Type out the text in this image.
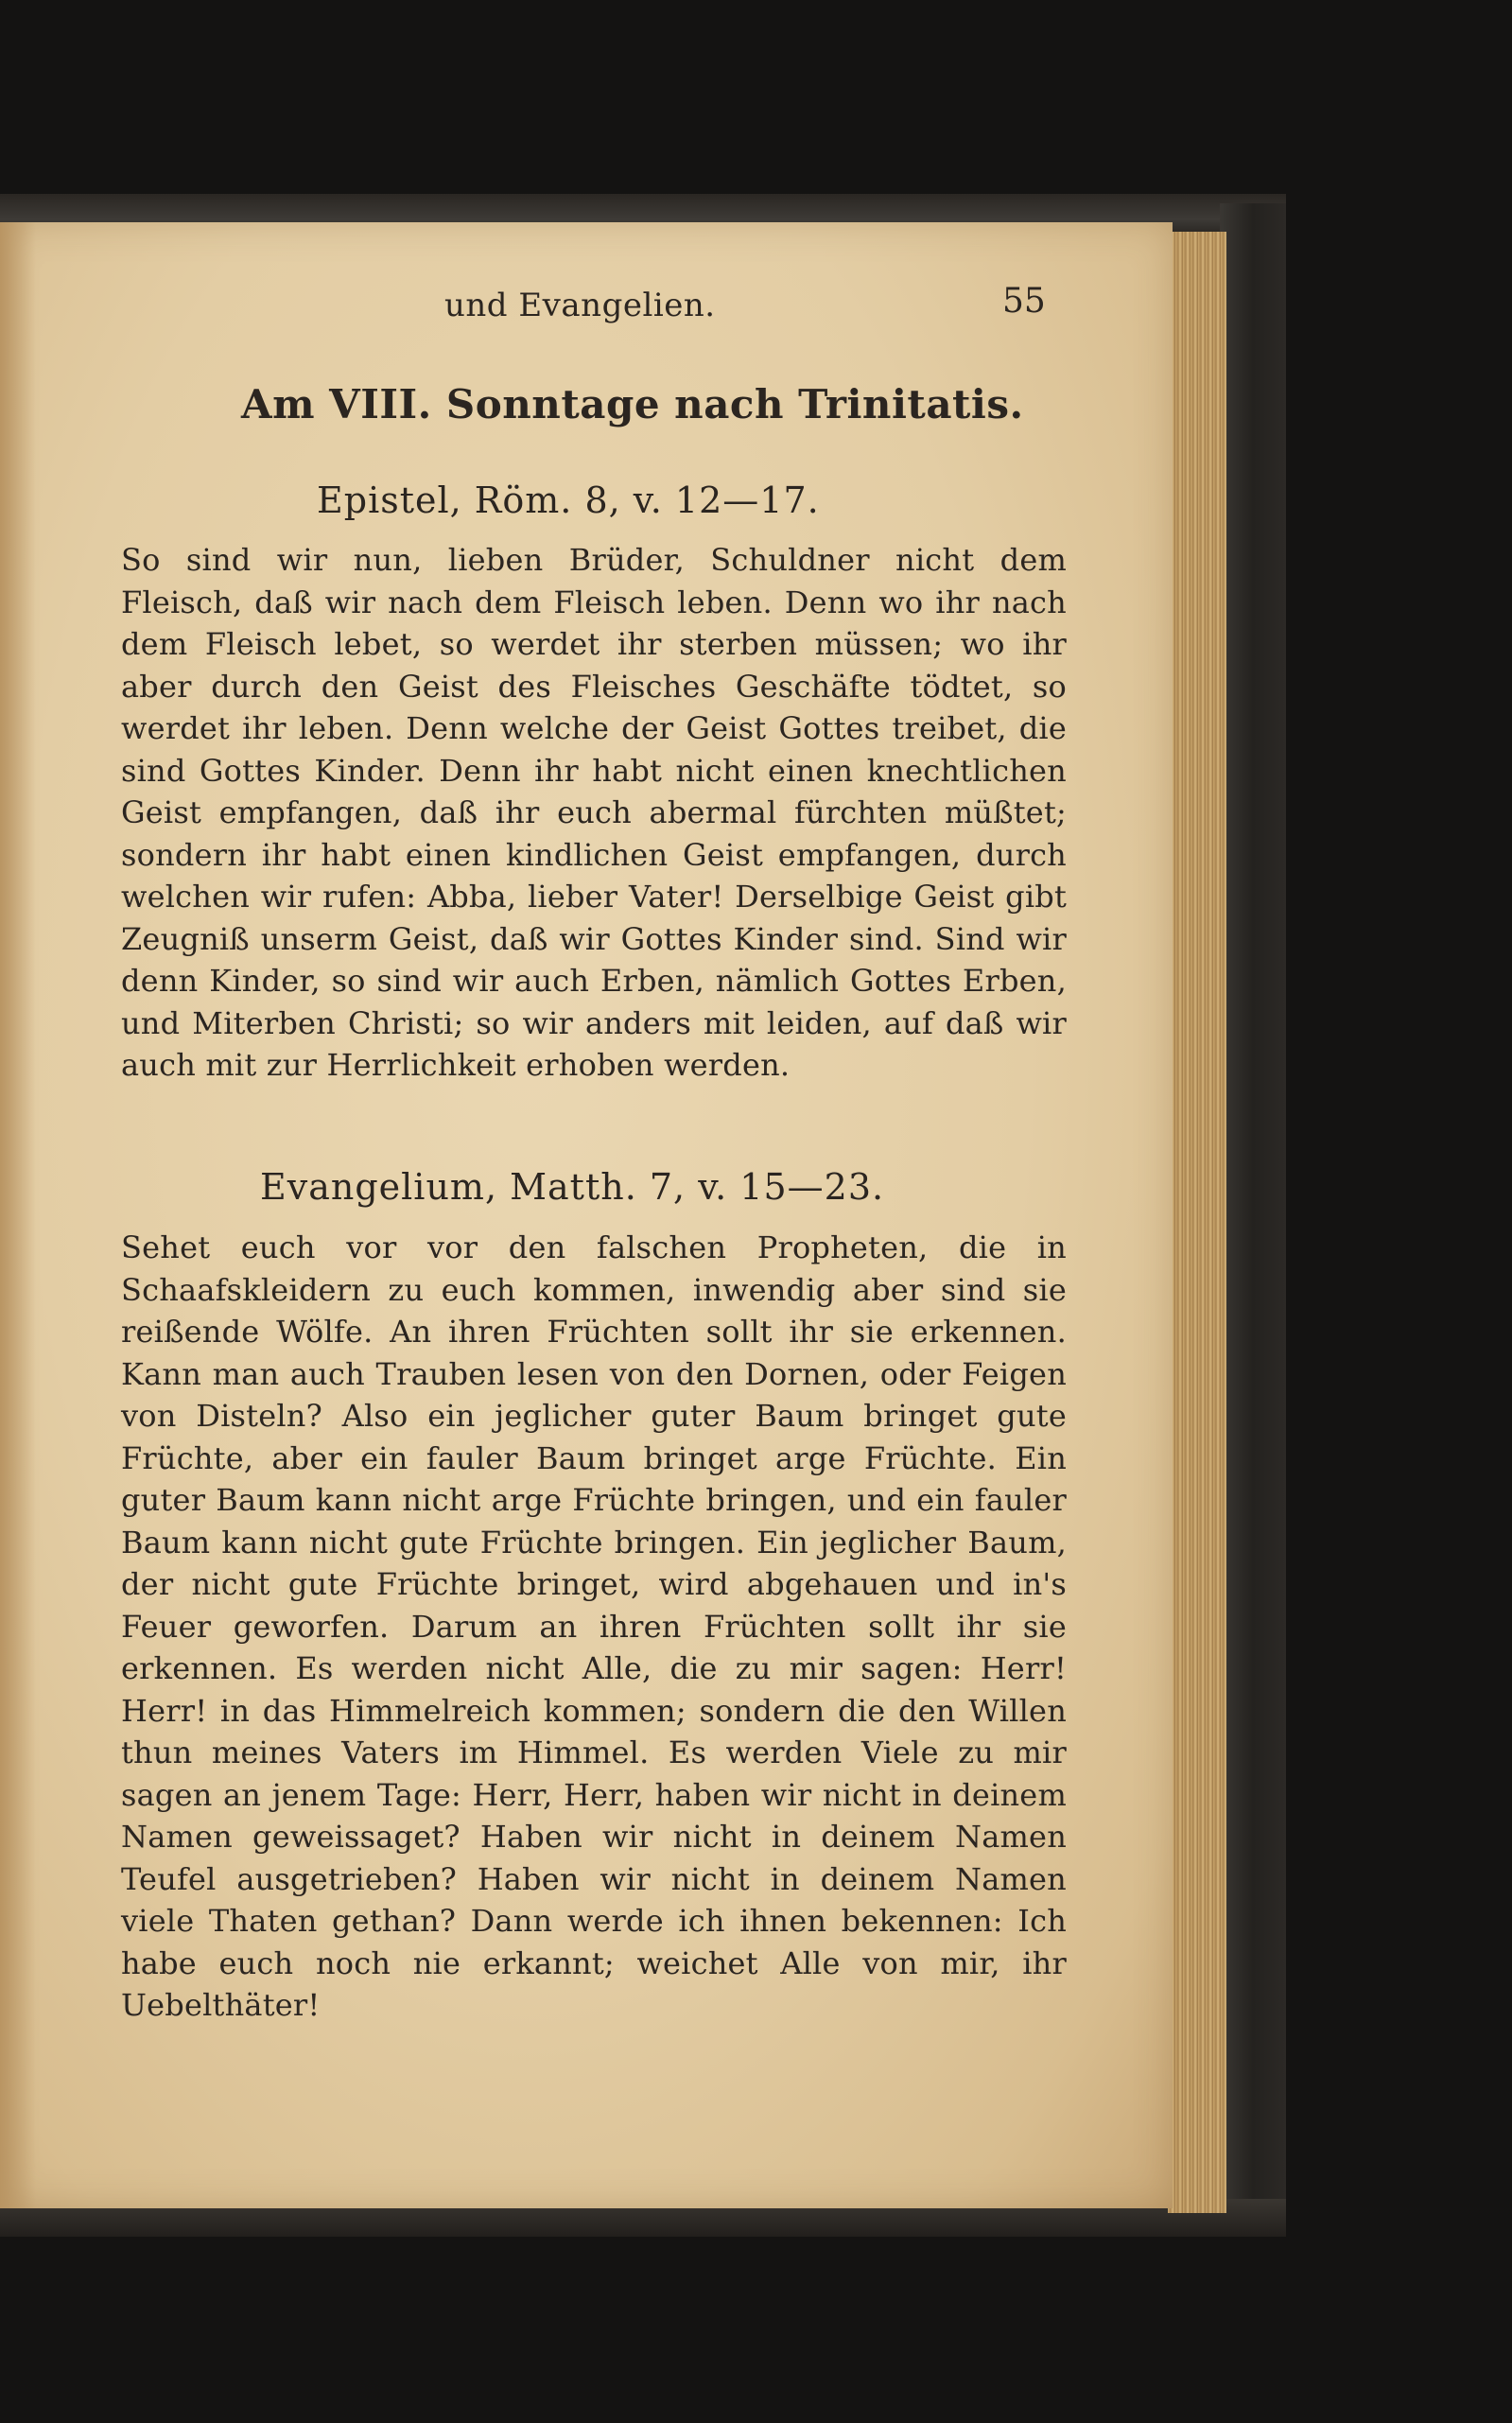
und Evangelien.	55
Am VIII. Sonntage nach Trinitatis.
Epistel, Röm. 8, v. 12—17.

So sind wir nun, lieben Brüder, Schuldner nicht dem Fleisch, daß wir nach dem Fleisch leben. Denn wo ihr nach dem Fleisch lebet, so werdet ihr sterben müssen; wo ihr aber durch den Geist des Fleisches Geschäfte tödtet, so werdet ihr leben. Denn welche der Geist Gottes treibet, die sind Gottes Kinder. Denn ihr habt nicht einen knechtlichen Geist empfangen, daß ihr euch abermal fürchten müßtet; sondern ihr habt einen kindlichen Geist empfangen, durch welchen wir rufen: Abba, lieber Vater! Derselbige Geist gibt Zeugniß unserm Geist, daß wir Gottes Kinder sind. Sind wir denn Kinder, so sind wir auch Erben, nämlich Gottes Erben, und Miterben Christi; so wir anders mit leiden, auf daß wir auch mit zur Herrlichkeit erhoben werden.

Evangelium, Matth. 7, v. 15—23.

Sehet euch vor vor den falschen Propheten, die in Schaafskleidern zu euch kommen, inwendig aber sind sie reißende Wölfe. An ihren Früchten sollt ihr sie erkennen. Kann man auch Trauben lesen von den Dornen, oder Feigen von Disteln? Also ein jeglicher guter Baum bringet gute Früchte, aber ein fauler Baum bringet arge Früchte. Ein guter Baum kann nicht arge Früchte bringen, und ein fauler Baum kann nicht gute Früchte bringen. Ein jeglicher Baum, der nicht gute Früchte bringet, wird abgehauen und in's Feuer geworfen. Darum an ihren Früchten sollt ihr sie erkennen. Es werden nicht Alle, die zu mir sagen: Herr! Herr! in das Himmelreich kommen; sondern die den Willen thun meines Vaters im Himmel. Es werden Viele zu mir sagen an jenem Tage: Herr, Herr, haben wir nicht in deinem Namen geweissaget? Haben wir nicht in deinem Namen Teufel ausgetrieben? Haben wir nicht in deinem Namen viele Thaten gethan? Dann werde ich ihnen bekennen: Ich habe euch noch nie erkannt; weichet Alle von mir, ihr Uebelthäter!
